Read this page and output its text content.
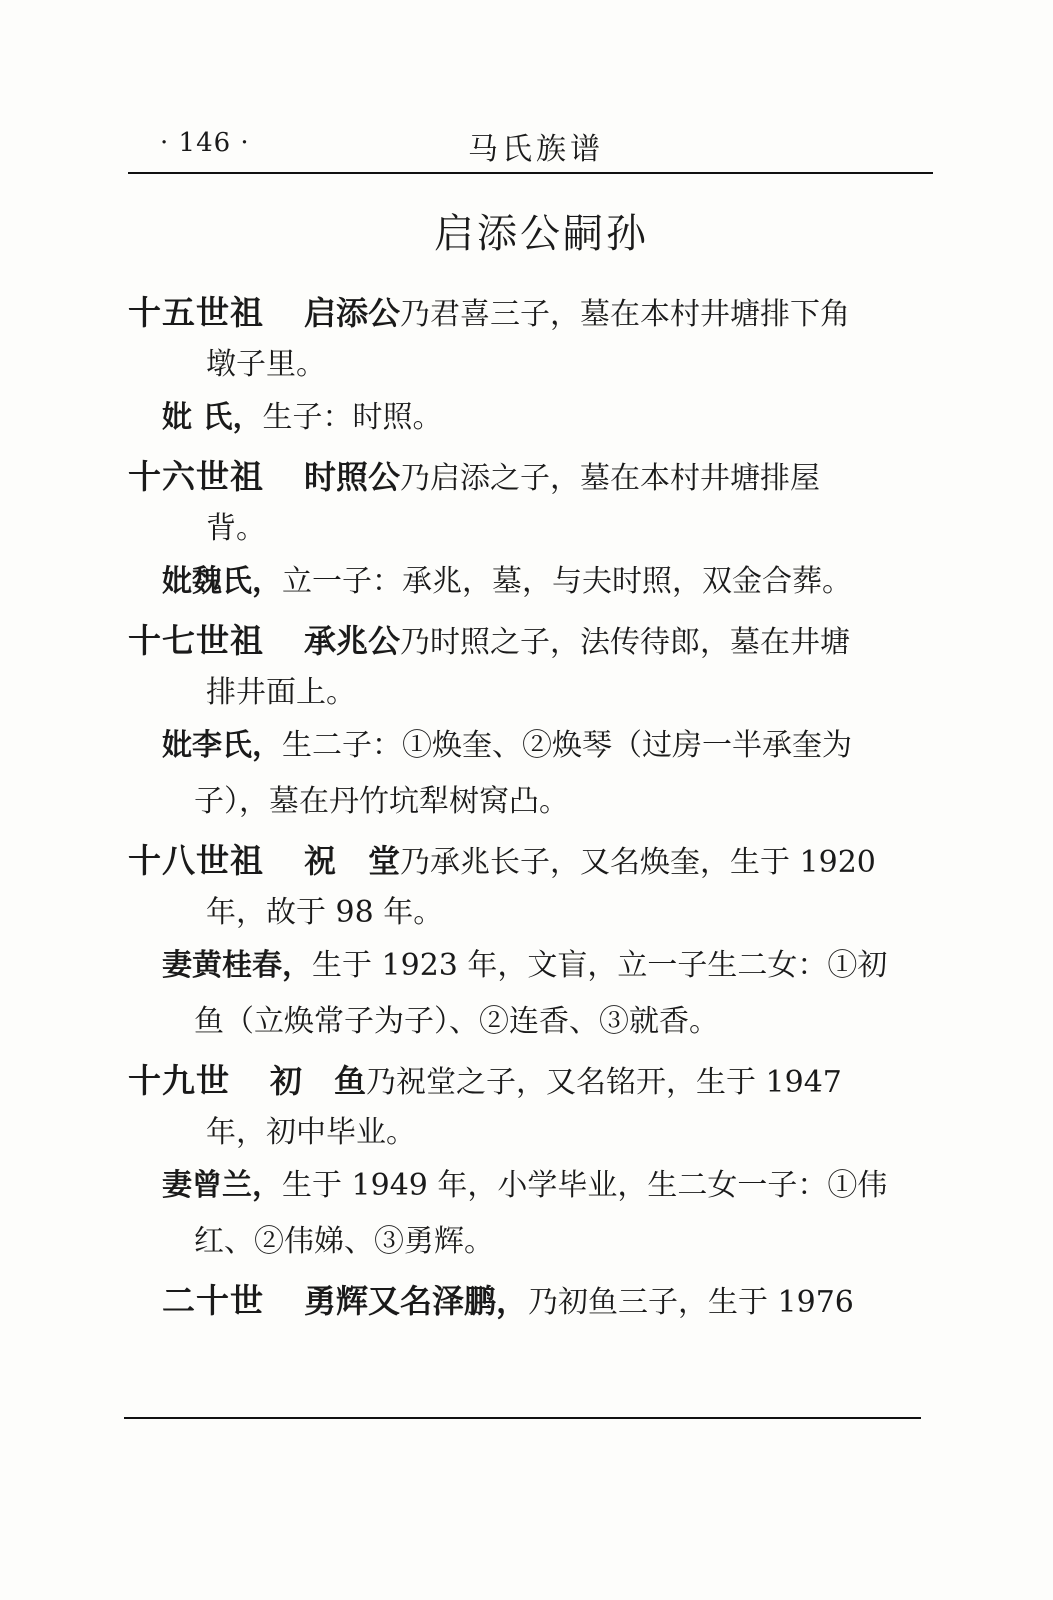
· 146 ·	马氏族谱
启添公嗣孙
十五世祖 启添公乃君喜三子，墓在本村井塘排下角
墩子里。
妣 氏，生子：时照。
十六世祖 时照公乃启添之子，墓在本村井塘排屋
背。
妣魏氏，立一子：承兆，墓，与夫时照，双金合葬。
十七世祖 承兆公乃时照之子，法传待郎，墓在井塘
排井面上。
妣李氏，生二子：①焕奎、②焕琴（过房一半承奎为
子），墓在丹竹坑犁树窝凸。
十八世祖 祝　堂乃承兆长子，又名焕奎，生于 1920
年，故于 98 年。
妻黄桂春，生于 1923 年，文盲，立一子生二女：①初
鱼（立焕常子为子）、②连香、③就香。
十九世 初　鱼乃祝堂之子，又名铭开，生于 1947
年，初中毕业。
妻曾兰，生于 1949 年，小学毕业，生二女一子：①伟
红、②伟娣、③勇辉。
二十世 勇辉又名泽鹏，乃初鱼三子，生于 1976
